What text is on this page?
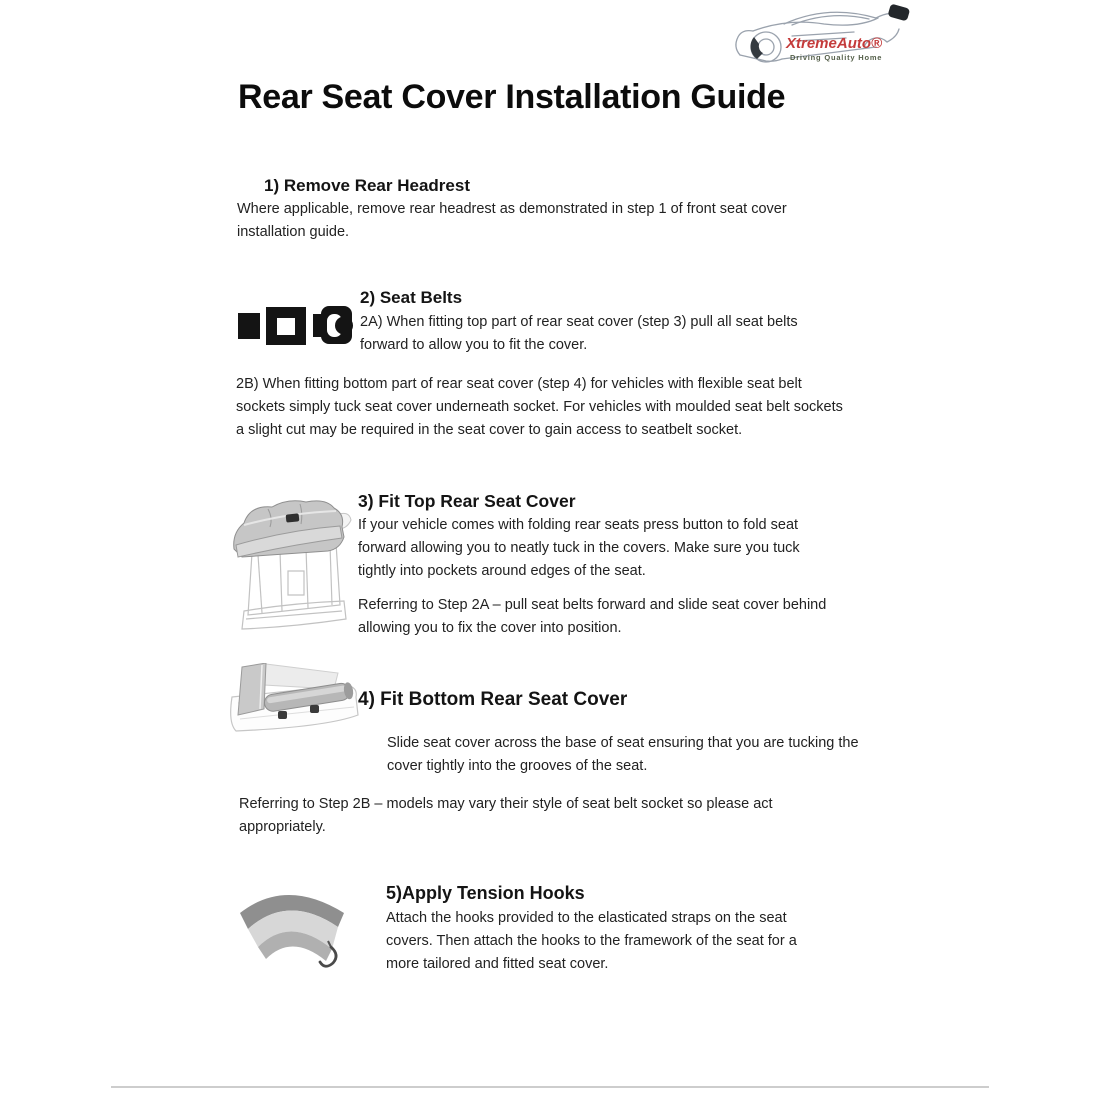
XtremeAuto®
Driving Quality Home
Rear Seat Cover Installation Guide
1) Remove Rear Headrest
Where applicable, remove rear headrest as demonstrated in step 1 of front seat cover installation guide.
2) Seat Belts
2A) When fitting top part of rear seat cover (step 3) pull all seat belts forward to allow you to fit the cover.
2B) When fitting bottom part of rear seat cover (step 4) for vehicles with flexible seat belt sockets simply tuck seat cover underneath socket. For vehicles with moulded seat belt sockets a slight cut may be required in the seat cover to gain access to seatbelt socket.
3) Fit Top Rear Seat Cover
If your vehicle comes with folding rear seats press button to fold seat forward allowing you to neatly tuck in the covers. Make sure you tuck tightly into pockets around edges of the seat.
Referring to Step 2A – pull seat belts forward and slide seat cover behind allowing you to fix the cover into position.
4) Fit Bottom Rear Seat Cover
Slide seat cover across the base of seat ensuring that you are tucking the cover tightly into the grooves of the seat.
Referring to Step 2B – models may vary their style of seat belt socket so please act appropriately.
5)Apply Tension Hooks
Attach the hooks provided to the elasticated straps on the seat covers. Then attach the hooks to the framework of the seat for a more tailored and fitted seat cover.
